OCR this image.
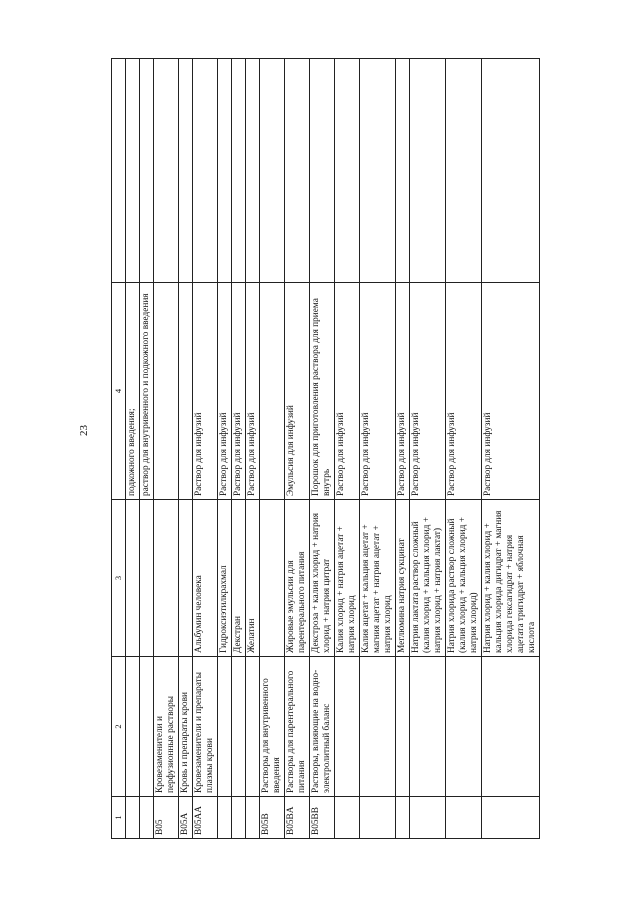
23
1	2	3	4	
			подкожного введения;	
			раствор для внутривенного и подкожного введения	
B05	Кровезаменители и перфузионные растворы			
B05A	Кровь и препараты крови			
B05AA	Кровезаменители и препараты плазмы крови	Альбумин человека	Раствор для инфузий	
		Гидроксиэтилкрахмал	Раствор для инфузий	
		Декстран	Раствор для инфузий	
		Желатин	Раствор для инфузий	
B05B	Растворы для внутривенного введения			
B05BA	Растворы для парентерального питания	Жировые эмульсии для парентерального питания	Эмульсия для инфузий	
B05BB	Растворы, влияющие на водно-электролитный баланс	Декстроза + калия хлорид + натрия хлорид + натрия цитрат	Порошок для приготовления раствора для приема внутрь	
		Калия хлорид + натрия ацетат + натрия хлорид	Раствор для инфузий	
		Калия ацетат + кальция ацетат + магния ацетат + натрия ацетат + натрия хлорид	Раствор для инфузий	
		Меглюмина натрия сукцинат	Раствор для инфузий	
		Натрия лактата раствор сложный (калия хлорид + кальция хлорид + натрия хлорид + натрия лактат)	Раствор для инфузий	
		Натрия хлорида раствор сложный (калия хлорид + кальция хлорид + натрия хлорид)	Раствор для инфузий	
		Натрия хлорид + калия хлорид + кальция хлорида дигидрат + магния хлорида гексагидрат + натрия ацетата тригидрат + яблочная кислота	Раствор для инфузий	
